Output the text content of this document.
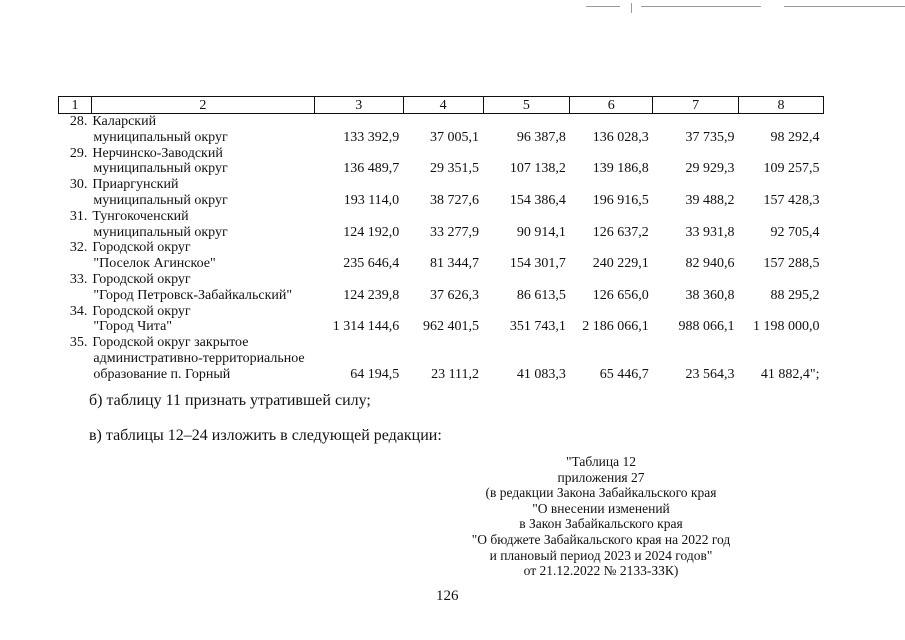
1	2	3	4	5	6	7	8
28.	Каларский
муниципальный округ	133 392,9	37 005,1	96 387,8	136 028,3	37 735,9	98 292,4
29.	Нерчинско-Заводский
муниципальный округ	136 489,7	29 351,5	107 138,2	139 186,8	29 929,3	109 257,5
30.	Приаргунский
муниципальный округ	193 114,0	38 727,6	154 386,4	196 916,5	39 488,2	157 428,3
31.	Тунгокоченский
муниципальный округ	124 192,0	33 277,9	90 914,1	126 637,2	33 931,8	92 705,4
32.	Городской округ
"Поселок Агинское"	235 646,4	81 344,7	154 301,7	240 229,1	82 940,6	157 288,5
33.	Городской округ
"Город Петровск-Забайкальский"	124 239,8	37 626,3	86 613,5	126 656,0	38 360,8	88 295,2
34.	Городской округ
"Город Чита"	1 314 144,6	962 401,5	351 743,1	2 186 066,1	988 066,1	1 198 000,0
35.	Городской округ закрытое
административно-территориальное
образование п. Горный	64 194,5	23 111,2	41 083,3	65 446,7	23 564,3	41 882,4";
б) таблицу 11 признать утратившей силу;
в) таблицы 12–24 изложить в следующей редакции:
"Таблица 12
приложения 27
(в редакции Закона Забайкальского края
"О внесении изменений
в Закон Забайкальского края
"О бюджете Забайкальского края на 2022 год
и плановый период 2023 и 2024 годов"
от 21.12.2022 № 2133-ЗЗК)
126
